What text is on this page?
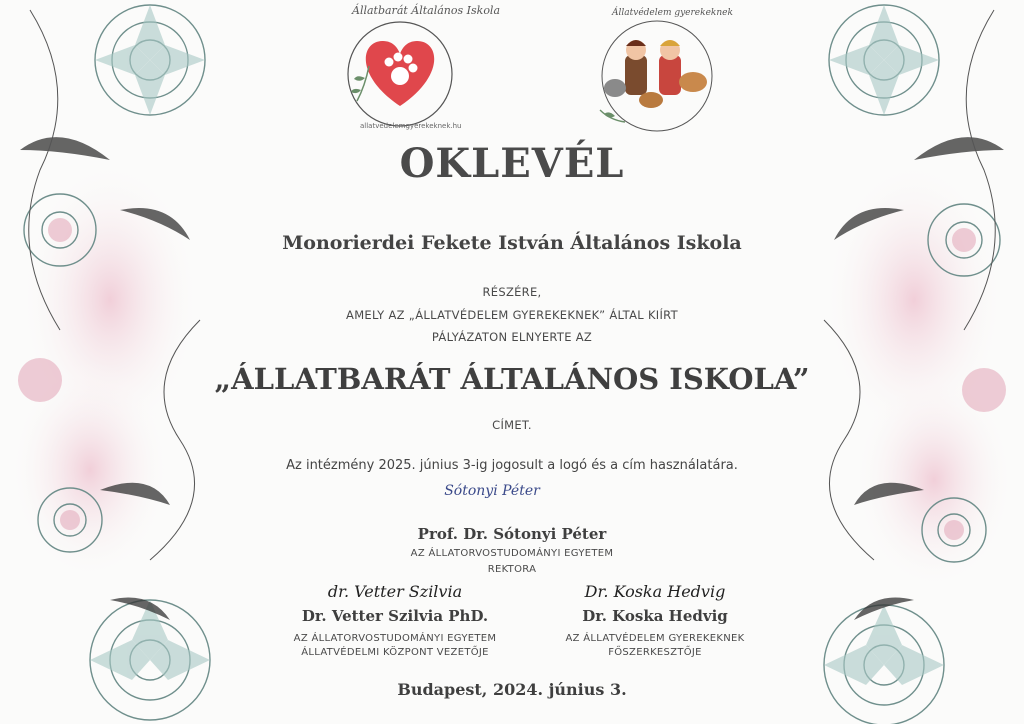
Állatbarát Általános Iskola
allatvedelemgyerekeknek.hu
Állatvédelem gyerekeknek
OKLEVÉL
Monorierdei Fekete István Általános Iskola
RÉSZÉRE,
AMELY AZ „ÁLLATVÉDELEM GYEREKEKNEK” ÁLTAL KIÍRT
PÁLYÁZATON ELNYERTE AZ
„ÁLLATBARÁT ÁLTALÁNOS ISKOLA”
CÍMET.
Az intézmény 2025. június 3-ig jogosult a logó és a cím használatára.
Sótonyi Péter
Prof. Dr. Sótonyi Péter
AZ ÁLLATORVOSTUDOMÁNYI EGYETEM
REKTORA
dr. Vetter Szilvia
Dr. Vetter Szilvia PhD.
AZ ÁLLATORVOSTUDOMÁNYI EGYETEM
ÁLLATVÉDELMI KÖZPONT VEZETŐJE
Dr. Koska Hedvig
Dr. Koska Hedvig
AZ ÁLLATVÉDELEM GYEREKEKNEK
FŐSZERKESZTŐJE
Budapest, 2024. június 3.
